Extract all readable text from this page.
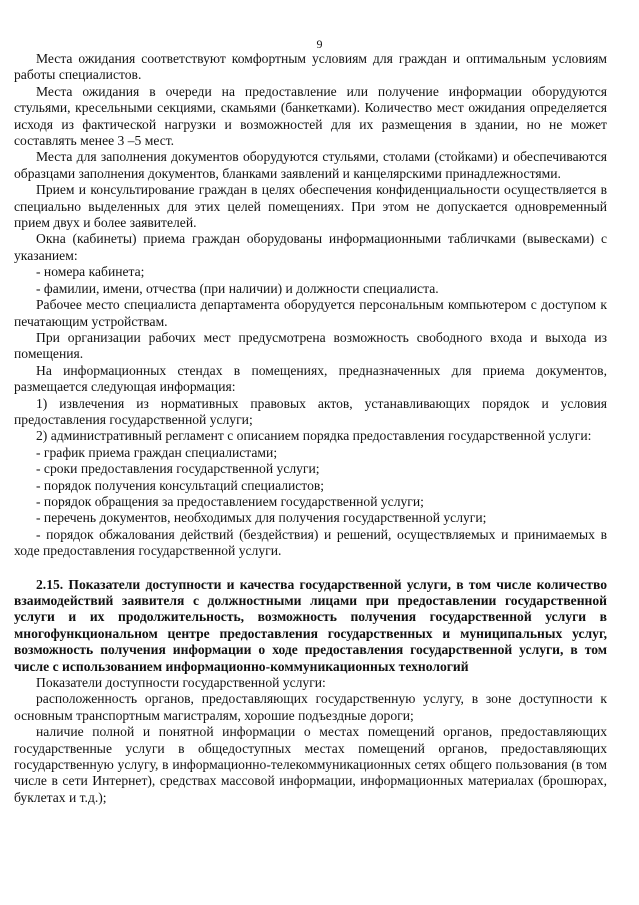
9

Места ожидания соответствуют комфортным условиям для граждан и оптимальным условиям работы специалистов.

Места ожидания в очереди на предоставление или получение информации оборудуются стульями, кресельными секциями, скамьями (банкетками). Количество мест ожидания определяется исходя из фактической нагрузки и возможностей для их размещения в здании, но не может составлять менее 3 –5 мест.

Места для заполнения документов оборудуются стульями, столами (стойками) и обеспечиваются образцами заполнения документов, бланками заявлений и канцелярскими принадлежностями.

Прием и консультирование граждан в целях обеспечения конфиденциальности осуществляется в специально выделенных для этих целей помещениях. При этом не допускается одновременный прием двух и более заявителей.

Окна (кабинеты) приема граждан оборудованы информационными табличками (вывесками) с указанием:

- номера кабинета;

- фамилии, имени, отчества (при наличии) и должности специалиста.

Рабочее место специалиста департамента оборудуется персональным компьютером с доступом к печатающим устройствам.

При организации рабочих мест предусмотрена возможность свободного входа и выхода из помещения.

На информационных стендах в помещениях, предназначенных для приема документов, размещается следующая информация:

1) извлечения из нормативных правовых актов, устанавливающих порядок и условия предоставления государственной услуги;

2) административный регламент с описанием порядка предоставления государственной услуги:

- график приема граждан специалистами;

- сроки предоставления государственной услуги;

- порядок получения консультаций специалистов;

- порядок обращения за предоставлением государственной услуги;

- перечень документов, необходимых для получения государственной услуги;

- порядок обжалования действий (бездействия) и решений, осуществляемых и принимаемых в ходе предоставления государственной услуги.

2.15. Показатели доступности и качества государственной услуги, в том числе количество взаимодействий заявителя с должностными лицами при предоставлении государственной услуги и их продолжительность, возможность получения государственной услуги в многофункциональном центре предоставления государственных и муниципальных услуг, возможность получения информации о ходе предоставления государственной услуги, в том числе с использованием информационно-коммуникационных технологий

Показатели доступности государственной услуги:

расположенность органов, предоставляющих государственную услугу, в зоне доступности к основным транспортным магистралям, хорошие подъездные дороги;

наличие полной и понятной информации о местах помещений органов, предоставляющих государственные услуги в общедоступных местах помещений органов, предоставляющих государственную услугу, в информационно-телекоммуникационных сетях общего пользования (в том числе в сети Интернет), средствах массовой информации, информационных материалах (брошюрах, буклетах и т.д.);
